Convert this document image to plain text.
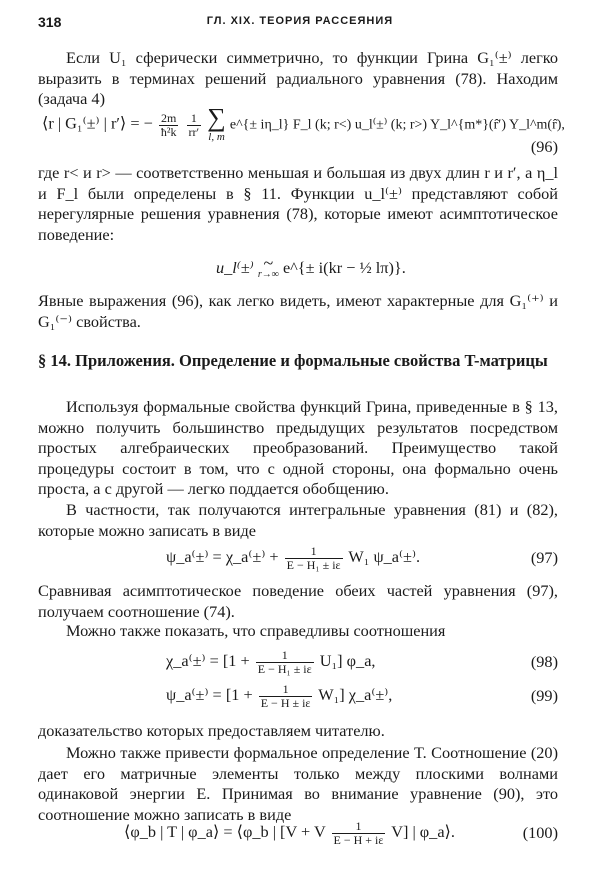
318	ГЛ. XIX. ТЕОРИЯ РАССЕЯНИЯ
Если U₁ сферически симметрично, то функции Грина G₁⁽±⁾ легко выразить в терминах решений радиального уравнения (78). Находим (задача 4)
⟨r | G₁⁽±⁾ | r′⟩ = − $\frac{2m}{\text{ħ²k}}$
$\frac{1}{rr'}$
∑
l, m
e^{± iη_l} F_l (k; r<) u_l⁽±⁾ (k; r>) Y_l^{m*}(r̂′) Y_l^m(r̂),
(96)
где r< и r> — соответственно меньшая и большая из двух длин r и r′, а η_l и F_l были определены в § 11. Функции u_l⁽±⁾ представляют собой нерегулярные решения уравнения (78), которые имеют асимптотическое поведение:
u_l⁽±⁾ ~
r→∞ e^{± i(kr − ½ lπ)}.
Явные выражения (96), как легко видеть, имеют характерные для G₁⁽⁺⁾ и G₁⁽⁻⁾ свойства.
§ 14. Приложения. Определение и формальные свойства T-матрицы
Используя формальные свойства функций Грина, приведенные в § 13, можно получить большинство предыдущих результатов посредством простых алгебраических преобразований. Преимущество такой процедуры состоит в том, что с одной стороны, она формально очень проста, а с другой — легко поддается обобщению.
В частности, так получаются интегральные уравнения (81) и (82), которые можно записать в виде
ψ_a⁽±⁾ = χ_a⁽±⁾ + $\frac{1}{\text{E − H₁ ± iε}} W_1$ ψ_a⁽±⁾.	(97)
Сравнивая асимптотическое поведение обеих частей уравнения (97), получаем соотношение (74).
Можно также показать, что справедливы соотношения
χ_a⁽±⁾ = $[1 + \frac{1}{\text{E − H₁ ± iε}} U_1]$ φ_a,	(98)
ψ_a⁽±⁾ = $[1 + \frac{1}{E - H \pm i\varepsilon} W_1]$ χ_a⁽±⁾,	(99)
доказательство которых предоставляем читателю.
Можно также привести формальное определение T. Соотношение (20) дает его матричные элементы только между плоскими волнами одинаковой энергии E. Принимая во внимание уравнение (90), это соотношение можно записать в виде
⟨φ_b | T | φ_a⟩ = ⟨φ_b | [V + V $\frac{1}{E - H + i\varepsilon} V$] | φ_a⟩.	(100)
